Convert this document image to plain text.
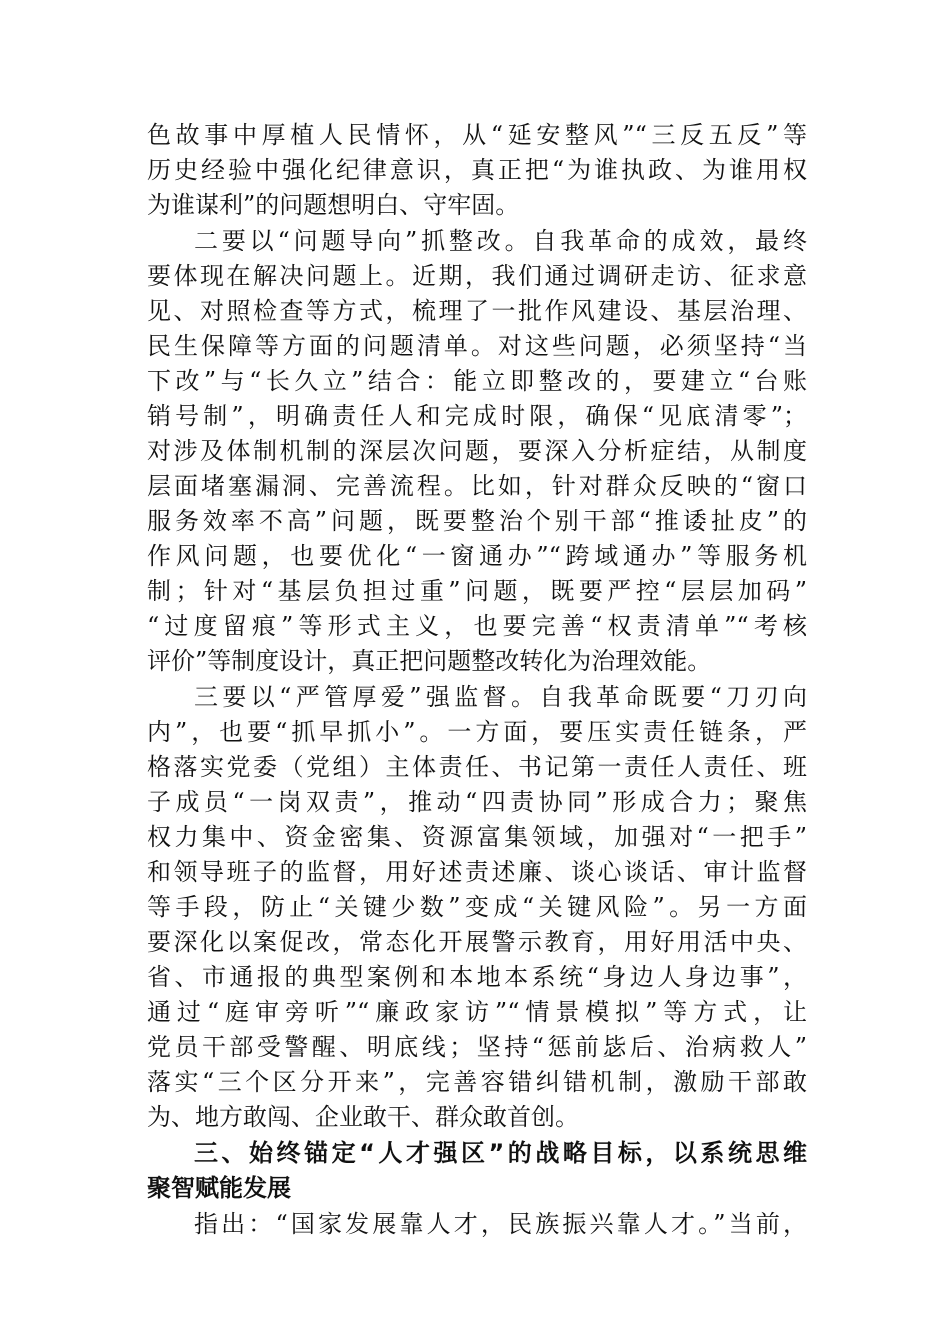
色故事中厚植人民情怀，从“延安整风”“三反五反”等
历史经验中强化纪律意识，真正把“为谁执政、为谁用权
为谁谋利”的问题想明白、守牢固。
二要以“问题导向”抓整改。自我革命的成效，最终
要体现在解决问题上。近期，我们通过调研走访、征求意
见、对照检查等方式，梳理了一批作风建设、基层治理、
民生保障等方面的问题清单。对这些问题，必须坚持“当
下改”与“长久立”结合：能立即整改的，要建立“台账
销号制”，明确责任人和完成时限，确保“见底清零”；
对涉及体制机制的深层次问题，要深入分析症结，从制度
层面堵塞漏洞、完善流程。比如，针对群众反映的“窗口
服务效率不高”问题，既要整治个别干部“推诿扯皮”的
作风问题，也要优化“一窗通办”“跨域通办”等服务机
制；针对“基层负担过重”问题，既要严控“层层加码”
“过度留痕”等形式主义，也要完善“权责清单”“考核
评价”等制度设计，真正把问题整改转化为治理效能。
三要以“严管厚爱”强监督。自我革命既要“刀刃向
内”，也要“抓早抓小”。一方面，要压实责任链条，严
格落实党委（党组）主体责任、书记第一责任人责任、班
子成员“一岗双责”，推动“四责协同”形成合力；聚焦
权力集中、资金密集、资源富集领域，加强对“一把手”
和领导班子的监督，用好述责述廉、谈心谈话、审计监督
等手段，防止“关键少数”变成“关键风险”。另一方面
要深化以案促改，常态化开展警示教育，用好用活中央、
省、市通报的典型案例和本地本系统“身边人身边事”，
通过“庭审旁听”“廉政家访”“情景模拟”等方式，让
党员干部受警醒、明底线；坚持“惩前毖后、治病救人”
落实“三个区分开来”，完善容错纠错机制，激励干部敢
为、地方敢闯、企业敢干、群众敢首创。
三、始终锚定“人才强区”的战略目标，以系统思维
聚智赋能发展
指出：“国家发展靠人才，民族振兴靠人才。”当前，
